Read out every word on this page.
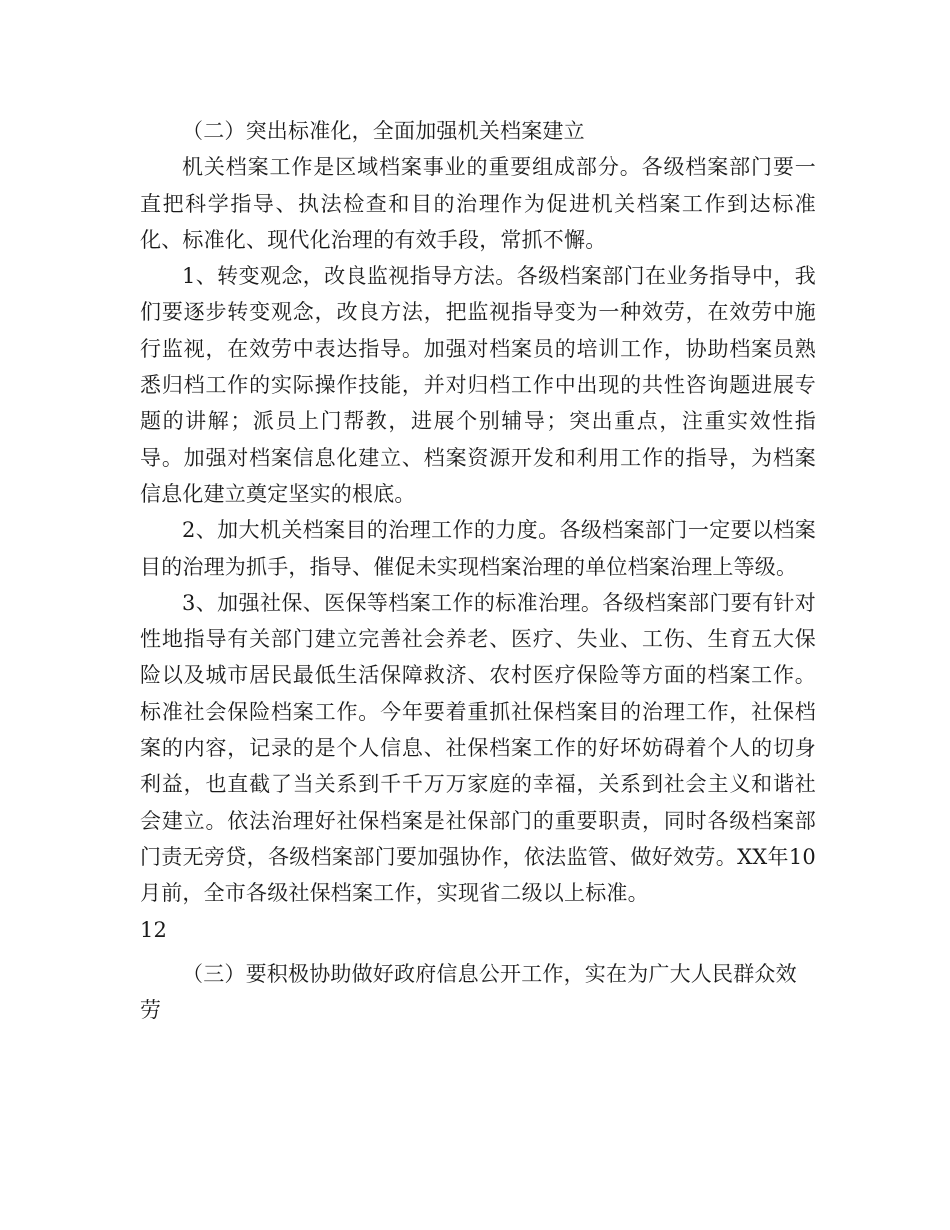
（二）突出标准化，全面加强机关档案建立

机关档案工作是区域档案事业的重要组成部分。各级档案部门要一直把科学指导、执法检查和目的治理作为促进机关档案工作到达标准化、标准化、现代化治理的有效手段，常抓不懈。

1、转变观念，改良监视指导方法。各级档案部门在业务指导中，我们要逐步转变观念，改良方法，把监视指导变为一种效劳，在效劳中施行监视，在效劳中表达指导。加强对档案员的培训工作，协助档案员熟悉归档工作的实际操作技能，并对归档工作中出现的共性咨询题进展专题的讲解；派员上门帮教，进展个别辅导；突出重点，注重实效性指导。加强对档案信息化建立、档案资源开发和利用工作的指导，为档案信息化建立奠定坚实的根底。

2、加大机关档案目的治理工作的力度。各级档案部门一定要以档案目的治理为抓手，指导、催促未实现档案治理的单位档案治理上等级。

3、加强社保、医保等档案工作的标准治理。各级档案部门要有针对性地指导有关部门建立完善社会养老、医疗、失业、工伤、生育五大保险以及城市居民最低生活保障救济、农村医疗保险等方面的档案工作。标准社会保险档案工作。今年要着重抓社保档案目的治理工作，社保档案的内容，记录的是个人信息、社保档案工作的好坏妨碍着个人的切身利益，也直截了当关系到千千万万家庭的幸福，关系到社会主义和谐社会建立。依法治理好社保档案是社保部门的重要职责，同时各级档案部门责无旁贷，各级档案部门要加强协作，依法监管、做好效劳。XX年10月前，全市各级社保档案工作，实现省二级以上标准。

12

（三）要积极协助做好政府信息公开工作，实在为广大人民群众效劳
